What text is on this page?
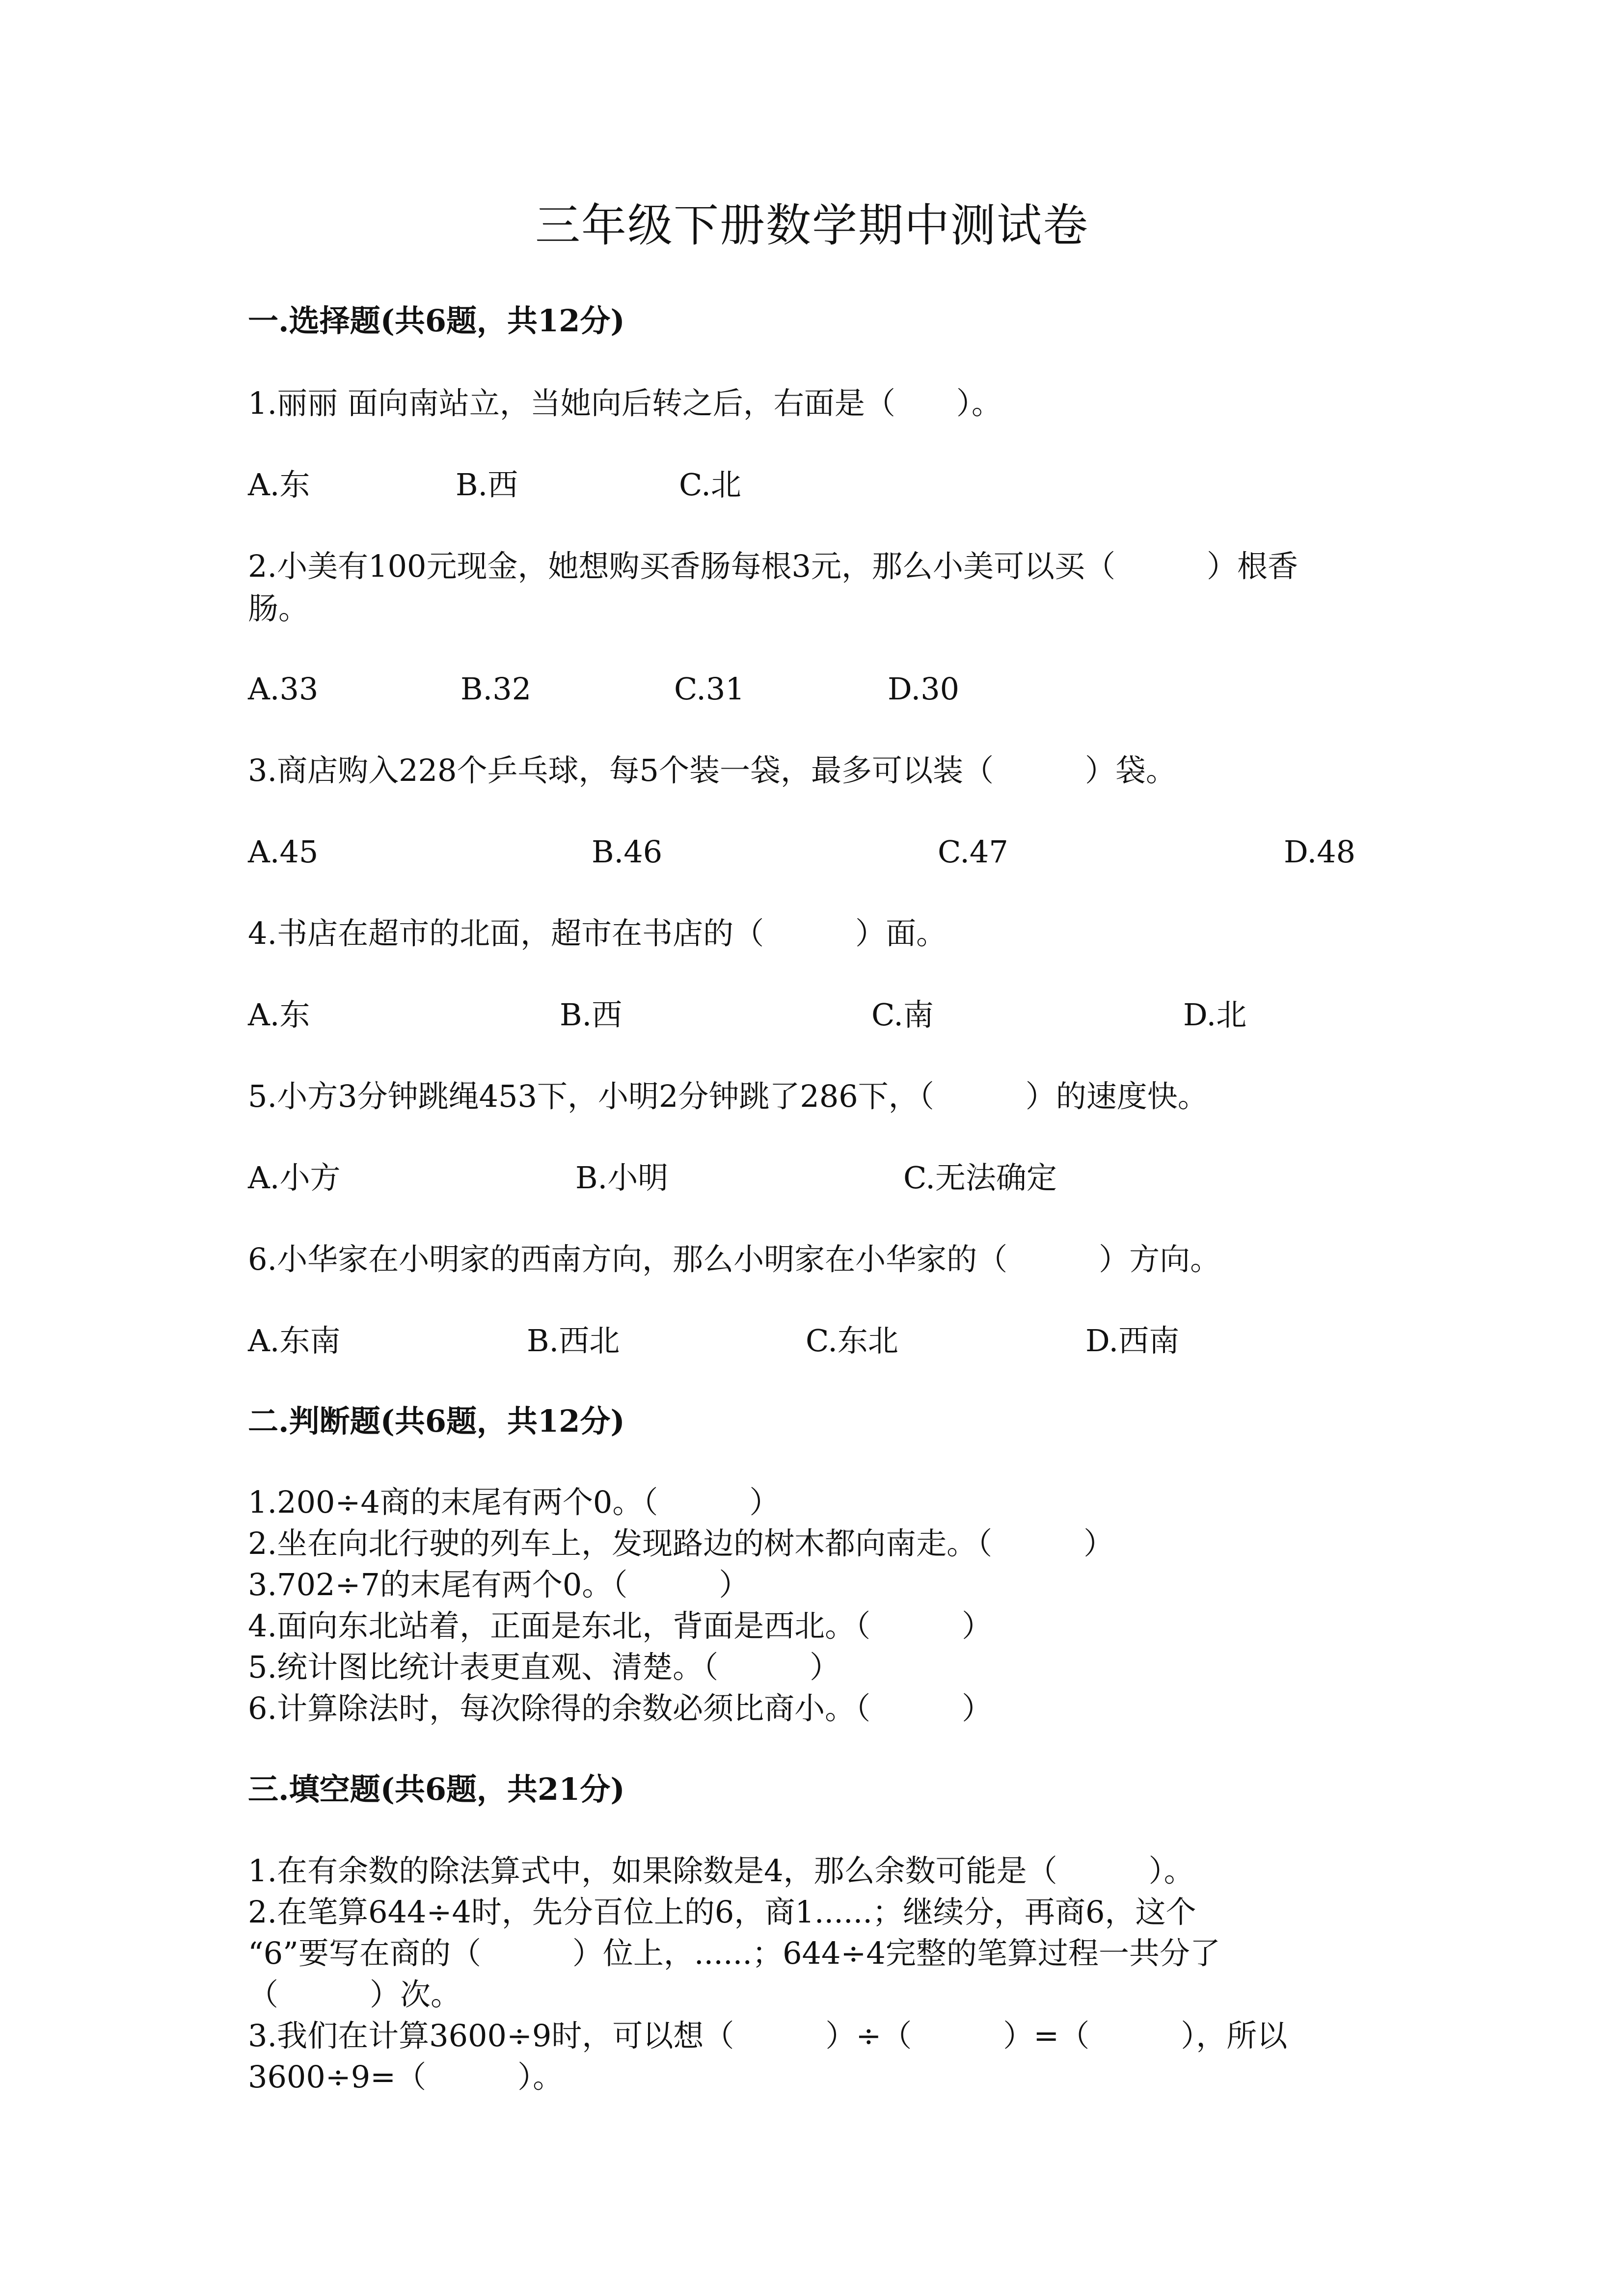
三年级下册数学期中测试卷

一.选择题(共6题，共12分)

1.丽丽 面向南站立，当她向后转之后，右面是（　　）。

A.东	B.西	C.北

2.小美有100元现金，她想购买香肠每根3元，那么小美可以买（　　　）根香

肠。

A.33	B.32	C.31	D.30

3.商店购入228个乒乓球，每5个装一袋，最多可以装（　　　）袋。

A.45	B.46	C.47	D.48

4.书店在超市的北面，超市在书店的（　　　）面。

A.东	B.西	C.南	D.北

5.小方3分钟跳绳453下，小明2分钟跳了286下，（　　　）的速度快。

A.小方	B.小明	C.无法确定

6.小华家在小明家的西南方向，那么小明家在小华家的（　　　）方向。

A.东南	B.西北	C.东北	D.西南

二.判断题(共6题，共12分)

1.200÷4商的末尾有两个0。（　　　）

2.坐在向北行驶的列车上，发现路边的树木都向南走。（　　　）

3.702÷7的末尾有两个0。（　　　）

4.面向东北站着，正面是东北，背面是西北。（　　　）

5.统计图比统计表更直观、清楚。（　　　）

6.计算除法时，每次除得的余数必须比商小。（　　　）

三.填空题(共6题，共21分)

1.在有余数的除法算式中，如果除数是4，那么余数可能是（　　　）。

2.在笔算644÷4时，先分百位上的6，商1......；继续分，再商6，这个

“6”要写在商的（　　　）位上，......；644÷4完整的笔算过程一共分了

（　　　）次。

3.我们在计算3600÷9时，可以想（　　　）÷（　　　）=（　　　），所以

3600÷9=（　　　）。
